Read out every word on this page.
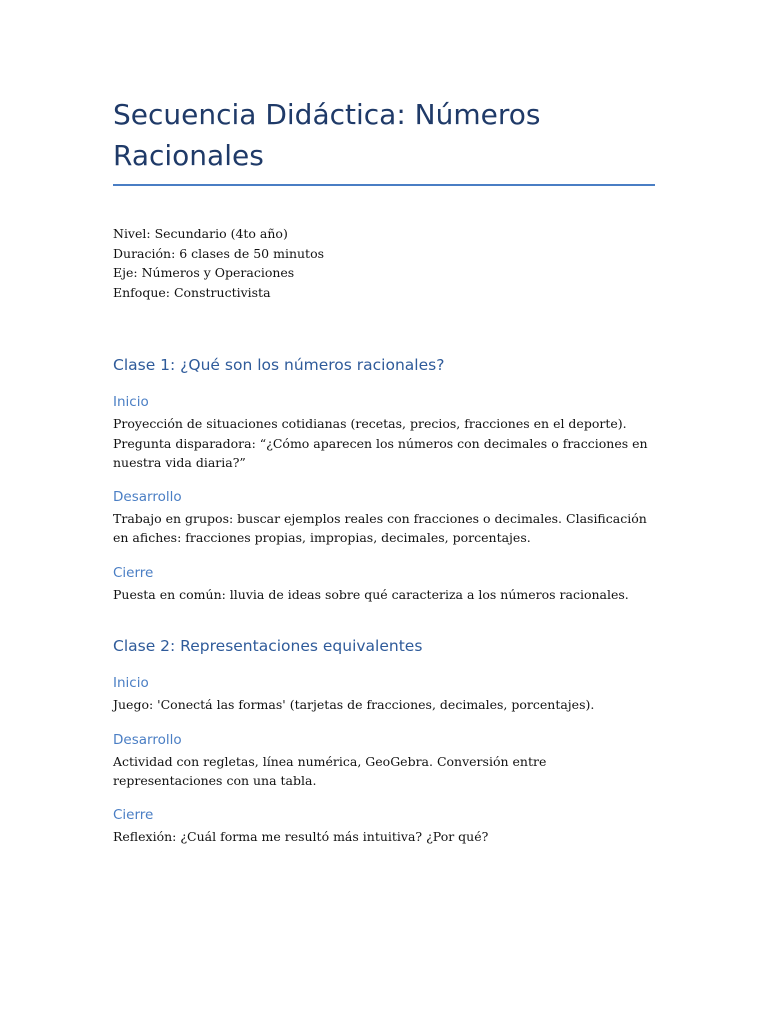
Secuencia Didáctica: Números Racionales
Nivel: Secundario (4to año)
Duración: 6 clases de 50 minutos
Eje: Números y Operaciones
Enfoque: Constructivista
Clase 1: ¿Qué son los números racionales?
Inicio

Proyección de situaciones cotidianas (recetas, precios, fracciones en el deporte). Pregunta disparadora: “¿Cómo aparecen los números con decimales o fracciones en nuestra vida diaria?”

Desarrollo

Trabajo en grupos: buscar ejemplos reales con fracciones o decimales. Clasificación en afiches: fracciones propias, impropias, decimales, porcentajes.

Cierre

Puesta en común: lluvia de ideas sobre qué caracteriza a los números racionales.

Clase 2: Representaciones equivalentes
Inicio

Juego: 'Conectá las formas' (tarjetas de fracciones, decimales, porcentajes).

Desarrollo

Actividad con regletas, línea numérica, GeoGebra. Conversión entre representaciones con una tabla.

Cierre

Reflexión: ¿Cuál forma me resultó más intuitiva? ¿Por qué?
